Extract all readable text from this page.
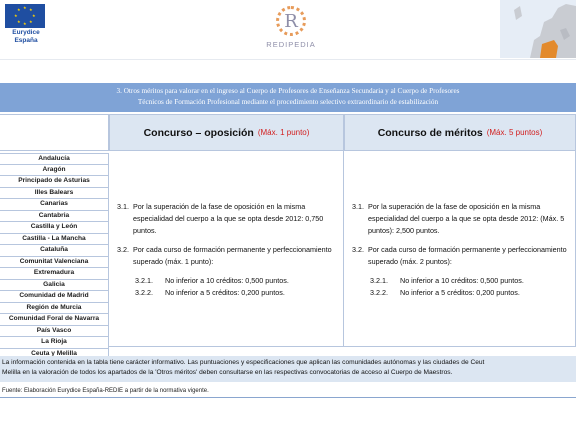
★ ★
★
★
★
★
★
★
Eurydice
España
R
REDIPEDIA
3. Otros méritos para valorar en el ingreso al Cuerpo de Profesores de Enseñanza Secundaria y al Cuerpo de Profesores
Técnicos de Formación Profesional mediante el procedimiento selectivo extraordinario de estabilización
Concurso – oposición (Máx. 1 punto)	Concurso de méritos (Máx. 5 puntos)
Andalucía
Aragón
Principado de Asturias
Illes Balears
Canarias
Cantabria
Castilla y León
Castilla - La Mancha
Cataluña
Comunitat Valenciana
Extremadura
Galicia
Comunidad de Madrid
Región de Murcia
Comunidad Foral de Navarra
País Vasco
La Rioja
Ceuta y Melilla
3.1. Por la superación de la fase de oposición en la misma especialidad del cuerpo a la que se opta desde 2012: 0,750 puntos.
3.2. Por cada curso de formación permanente y perfeccionamiento superado (máx. 1 punto):
3.2.1.	No inferior a 10 créditos: 0,500 puntos.
3.2.2.	No inferior a 5 créditos: 0,200 puntos.
3.1. Por la superación de la fase de oposición en la misma especialidad del cuerpo a la que se opta desde 2012: (Máx. 5 puntos): 2,500 puntos.
3.2. Por cada curso de formación permanente y perfeccionamiento superado (máx. 2 puntos):
3.2.1.	No inferior a 10 créditos: 0,500 puntos.
3.2.2.	No inferior a 5 créditos: 0,200 puntos.
La información contenida en la tabla tiene carácter informativo. Las puntuaciones y especificaciones que aplican las comunidades autónomas y las ciudades de Ceut
Melilla en la valoración de todos los apartados de la 'Otros méritos' deben consultarse en las respectivas convocatorias de acceso al Cuerpo de Maestros.
Fuente: Elaboración Eurydice España-REDIE a partir de la normativa vigente.
